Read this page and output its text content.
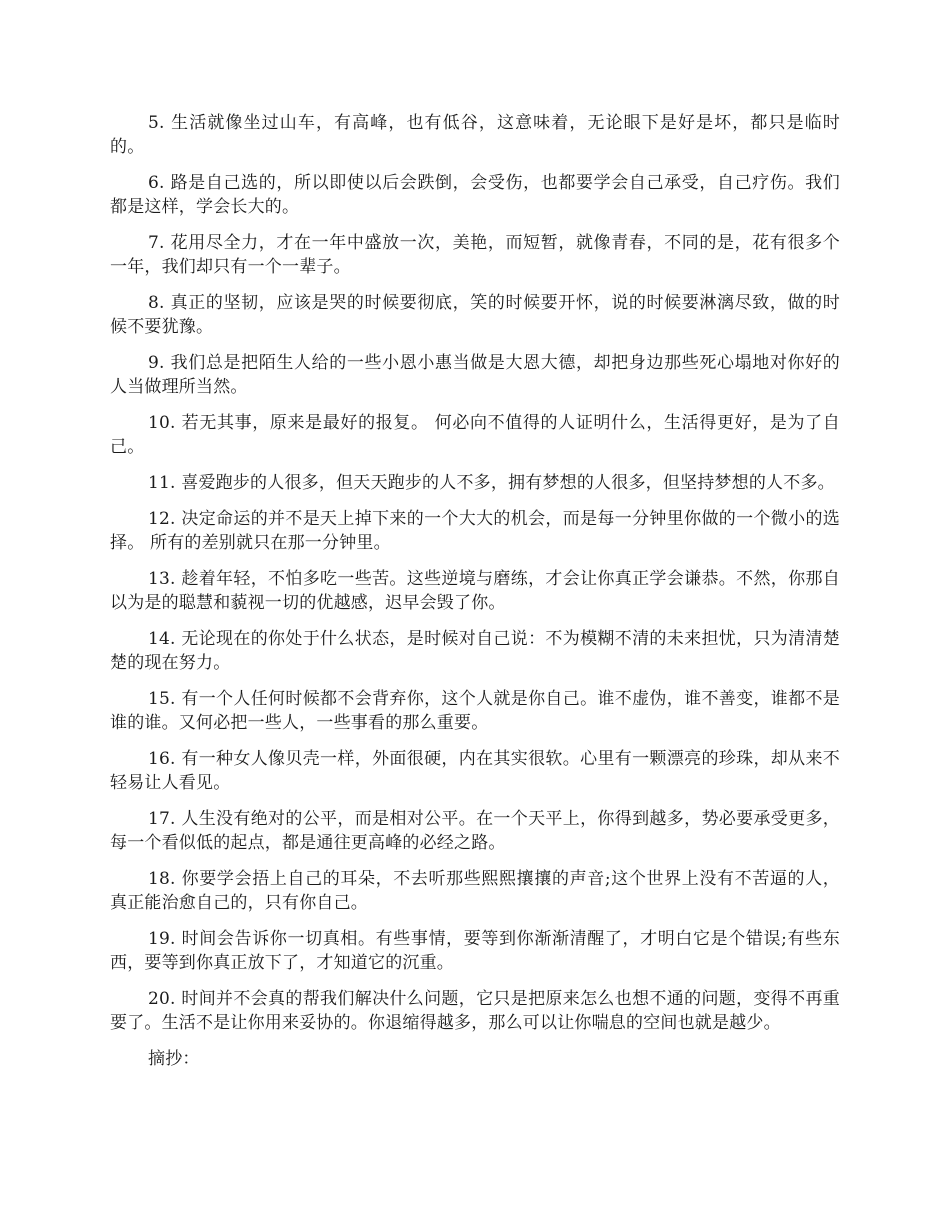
5. 生活就像坐过山车，有高峰，也有低谷，这意味着，无论眼下是好是坏，都只是临时的。

6. 路是自己选的，所以即使以后会跌倒，会受伤，也都要学会自己承受，自己疗伤。我们都是这样，学会长大的。

7. 花用尽全力，才在一年中盛放一次，美艳，而短暂，就像青春，不同的是，花有很多个一年，我们却只有一个一辈子。

8. 真正的坚韧，应该是哭的时候要彻底，笑的时候要开怀，说的时候要淋漓尽致，做的时候不要犹豫。

9. 我们总是把陌生人给的一些小恩小惠当做是大恩大德，却把身边那些死心塌地对你好的人当做理所当然。

10. 若无其事，原来是最好的报复。 何必向不值得的人证明什么，生活得更好，是为了自己。

11. 喜爱跑步的人很多，但天天跑步的人不多，拥有梦想的人很多，但坚持梦想的人不多。

12. 决定命运的并不是天上掉下来的一个大大的机会，而是每一分钟里你做的一个微小的选择。 所有的差别就只在那一分钟里。

13. 趁着年轻，不怕多吃一些苦。这些逆境与磨练，才会让你真正学会谦恭。不然，你那自以为是的聪慧和藐视一切的优越感，迟早会毁了你。

14. 无论现在的你处于什么状态，是时候对自己说：不为模糊不清的未来担忧，只为清清楚楚的现在努力。

15. 有一个人任何时候都不会背弃你，这个人就是你自己。谁不虚伪，谁不善变，谁都不是谁的谁。又何必把一些人，一些事看的那么重要。

16. 有一种女人像贝壳一样，外面很硬，内在其实很软。心里有一颗漂亮的珍珠，却从来不轻易让人看见。

17. 人生没有绝对的公平，而是相对公平。在一个天平上，你得到越多，势必要承受更多，每一个看似低的起点，都是通往更高峰的必经之路。

18. 你要学会捂上自己的耳朵，不去听那些熙熙攘攘的声音;这个世界上没有不苦逼的人，真正能治愈自己的，只有你自己。

19. 时间会告诉你一切真相。有些事情，要等到你渐渐清醒了，才明白它是个错误;有些东西，要等到你真正放下了，才知道它的沉重。

20. 时间并不会真的帮我们解决什么问题，它只是把原来怎么也想不通的问题，变得不再重要了。生活不是让你用来妥协的。你退缩得越多，那么可以让你喘息的空间也就是越少。

摘抄：
